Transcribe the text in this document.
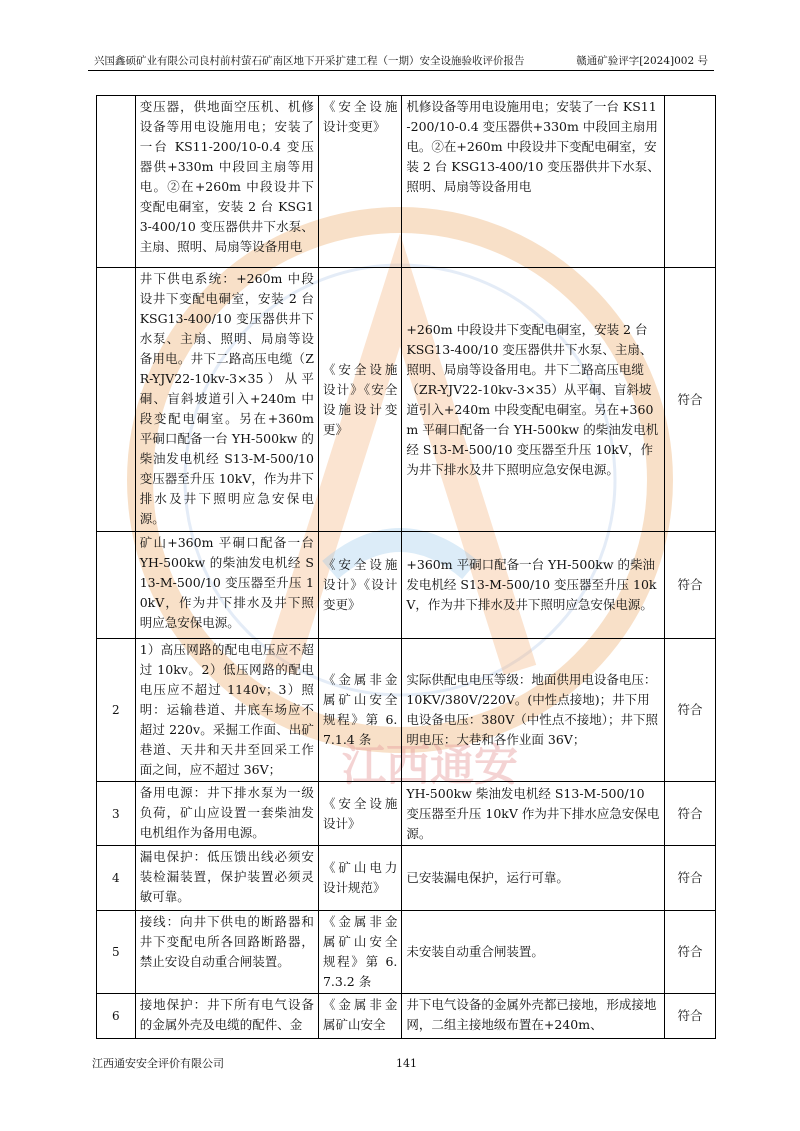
兴国鑫硕矿业有限公司良村前村萤石矿南区地下开采扩建工程（一期）安全设施验收评价报告	赣通矿验评字[2024]002 号
江西通安
	变压器，供地面空压机、机修设备等用电设施用电；安装了一台 KS11-200/10-0.4 变压器供+330m 中段回主扇等用电。②在+260m 中段设井下变配电硐室，安装 2 台 KSG13-400/10 变压器供井下水泵、主扇、照明、局扇等设备用电	《安全设施设计变更》	机修设备等用电设施用电；安装了一台 KS11-200/10-0.4 变压器供+330m 中段回主扇用电。②在+260m 中段设井下变配电硐室，安装 2 台 KSG13-400/10 变压器供井下水泵、照明、局扇等设备用电	
	井下供电系统：+260m 中段设井下变配电硐室，安装 2 台 KSG13-400/10 变压器供井下水泵、主扇、照明、局扇等设备用电。井下二路高压电缆（ZR-YJV22-10kv-3×35）从平硐、盲斜坡道引入+240m 中段变配电硐室。另在+360m 平硐口配备一台 YH-500kw 的柴油发电机经 S13-M-500/10 变压器至升压 10kV，作为井下排水及井下照明应急安保电源。	《安全设施设计》《安全设施设计变更》	+260m 中段设井下变配电硐室，安装 2 台 KSG13-400/10 变压器供井下水泵、主扇、照明、局扇等设备用电。井下二路高压电缆（ZR-YJV22-10kv-3×35）从平硐、盲斜坡道引入+240m 中段变配电硐室。另在+360m 平硐口配备一台 YH-500kw 的柴油发电机经 S13-M-500/10 变压器至升压 10kV，作为井下排水及井下照明应急安保电源。	符合
	矿山+360m 平硐口配备一台 YH-500kw 的柴油发电机经 S13-M-500/10 变压器至升压 10kV，作为井下排水及井下照明应急安保电源。	《安全设施设计》《设计变更》	+360m 平硐口配备一台 YH-500kw 的柴油发电机经 S13-M-500/10 变压器至升压 10kV，作为井下排水及井下照明应急安保电源。	符合
2	1）高压网路的配电电压应不超过 10kv。2）低压网路的配电电压应不超过 1140v；3）照明：运输巷道、井底车场应不超过 220v。采掘工作面、出矿巷道、天井和天井至回采工作面之间，应不超过 36V；	《金属非金属矿山安全规程》第 6.7.1.4 条	实际供配电电压等级：地面供用电设备电压：10KV/380V/220V。(中性点接地)；井下用电设备电压：380V（中性点不接地）；井下照明电压：大巷和各作业面 36V；	符合
3	备用电源：井下排水泵为一级负荷，矿山应设置一套柴油发电机组作为备用电源。	《安全设施设计》	YH-500kw 柴油发电机经 S13-M-500/10 变压器至升压 10kV 作为井下排水应急安保电源。	符合
4	漏电保护：低压馈出线必须安装检漏装置，保护装置必须灵敏可靠。	《矿山电力设计规范》	已安装漏电保护，运行可靠。	符合
5	接线：向井下供电的断路器和井下变配电所各回路断路器，禁止安设自动重合闸装置。	《金属非金属矿山安全规程》第 6.7.3.2 条	未安装自动重合闸装置。	符合
6	接地保护：井下所有电气设备的金属外壳及电缆的配件、金	《金属非金属矿山安全	井下电气设备的金属外壳都已接地，形成接地网，二组主接地级布置在+240m、	符合
江西通安安全评价有限公司	141
